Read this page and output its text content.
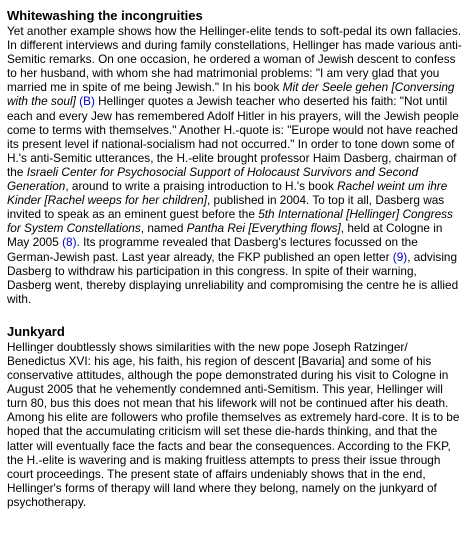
Whitewashing the incongruities

Yet another example shows how the Hellinger-elite tends to soft-pedal its own fallacies. In different interviews and during family constellations, Hellinger has made various anti-Semitic remarks. On one occasion, he ordered a woman of Jewish descent to confess to her husband, with whom she had matrimonial problems: "I am very glad that you married me in spite of me being Jewish." In his book Mit der Seele gehen [Conversing with the soul] (B) Hellinger quotes a Jewish teacher who deserted his faith: "Not until each and every Jew has remembered Adolf Hitler in his prayers, will the Jewish people come to terms with themselves." Another H.-quote is: "Europe would not have reached its present level if national-socialism had not occurred." In order to tone down some of H.'s anti-Semitic utterances, the H.-elite brought professor Haim Dasberg, chairman of the Israeli Center for Psychosocial Support of Holocaust Survivors and Second Generation, around to write a praising introduction to H.'s book Rachel weint um ihre Kinder [Rachel weeps for her children], published in 2004. To top it all, Dasberg was invited to speak as an eminent guest before the 5th International [Hellinger] Congress for System Constellations, named Pantha Rei [Everything flows], held at Cologne in May 2005 (8). Its programme revealed that Dasberg's lectures focussed on the German-Jewish past. Last year already, the FKP published an open letter (9), advising Dasberg to withdraw his participation in this congress. In spite of their warning, Dasberg went, thereby displaying unreliability and compromising the centre he is allied with.

Junkyard

Hellinger doubtlessly shows similarities with the new pope Joseph Ratzinger/ Benedictus XVI: his age, his faith, his region of descent [Bavaria] and some of his conservative attitudes, although the pope demonstrated during his visit to Cologne in August 2005 that he vehemently condemned anti-Semitism. This year, Hellinger will turn 80, bus this does not mean that his lifework will not be continued after his death. Among his elite are followers who profile themselves as extremely hard-core. It is to be hoped that the accumulating criticism will set these die-hards thinking, and that the latter will eventually face the facts and bear the consequences. According to the FKP, the H.-elite is wavering and is making fruitless attempts to press their issue through court proceedings. The present state of affairs undeniably shows that in the end, Hellinger's forms of therapy will land where they belong, namely on the junkyard of psychotherapy.
